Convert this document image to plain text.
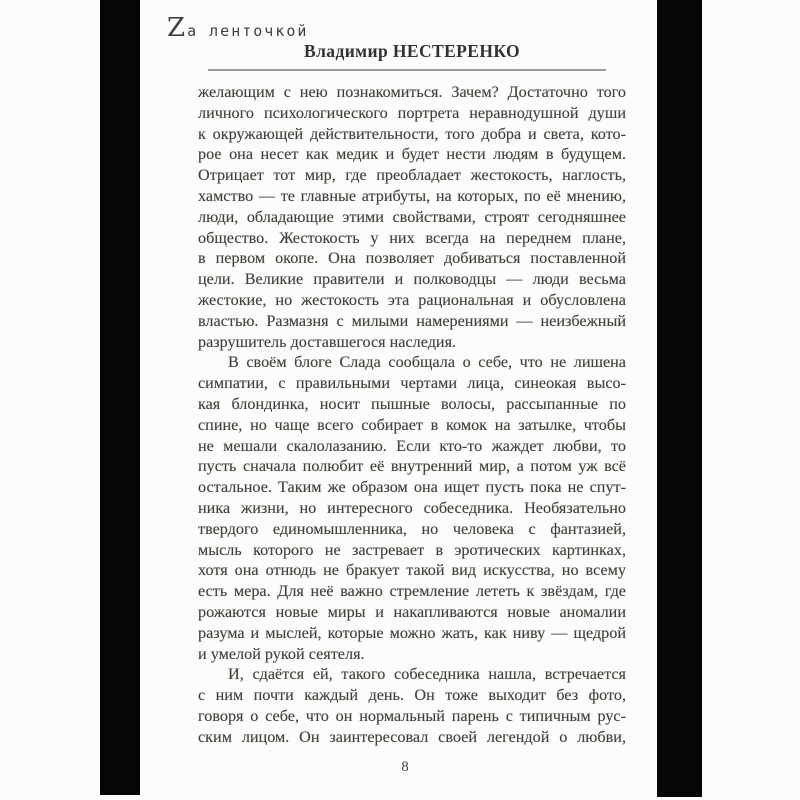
Zа ленточкой
Владимир НЕСТЕРЕНКО
желающим с нею познакомиться. Зачем? Достаточно того
личного психологического портрета неравнодушной души
к окружающей действительности, того добра и света, кото-
рое она несет как медик и будет нести людям в будущем.
Отрицает тот мир, где преобладает жестокость, наглость,
хамство — те главные атрибуты, на которых, по её мнению,
люди, обладающие этими свойствами, строят сегодняшнее
общество. Жестокость у них всегда на переднем плане,
в первом окопе. Она позволяет добиваться поставленной
цели. Великие правители и полководцы — люди весьма
жестокие, но жестокость эта рациональная и обусловлена
властью. Размазня с милыми намерениями — неизбежный
разрушитель доставшегося наследия.
В своём блоге Слада сообщала о себе, что не лишена
симпатии, с правильными чертами лица, синеокая высо-
кая блондинка, носит пышные волосы, рассыпанные по
спине, но чаще всего собирает в комок на затылке, чтобы
не мешали скалолазанию. Если кто-то жаждет любви, то
пусть сначала полюбит её внутренний мир, а потом уж всё
остальное. Таким же образом она ищет пусть пока не спут-
ника жизни, но интересного собеседника. Необязательно
твердого единомышленника, но человека с фантазией,
мысль которого не застревает в эротических картинках,
хотя она отнюдь не бракует такой вид искусства, но всему
есть мера. Для неё важно стремление лететь к звёздам, где
рожаются новые миры и накапливаются новые аномалии
разума и мыслей, которые можно жать, как ниву — щедрой
и умелой рукой сеятеля.
И, сдаётся ей, такого собеседника нашла, встречается
с ним почти каждый день. Он тоже выходит без фото,
говоря о себе, что он нормальный парень с типичным рус-
ским лицом. Он заинтересовал своей легендой о любви,
8
